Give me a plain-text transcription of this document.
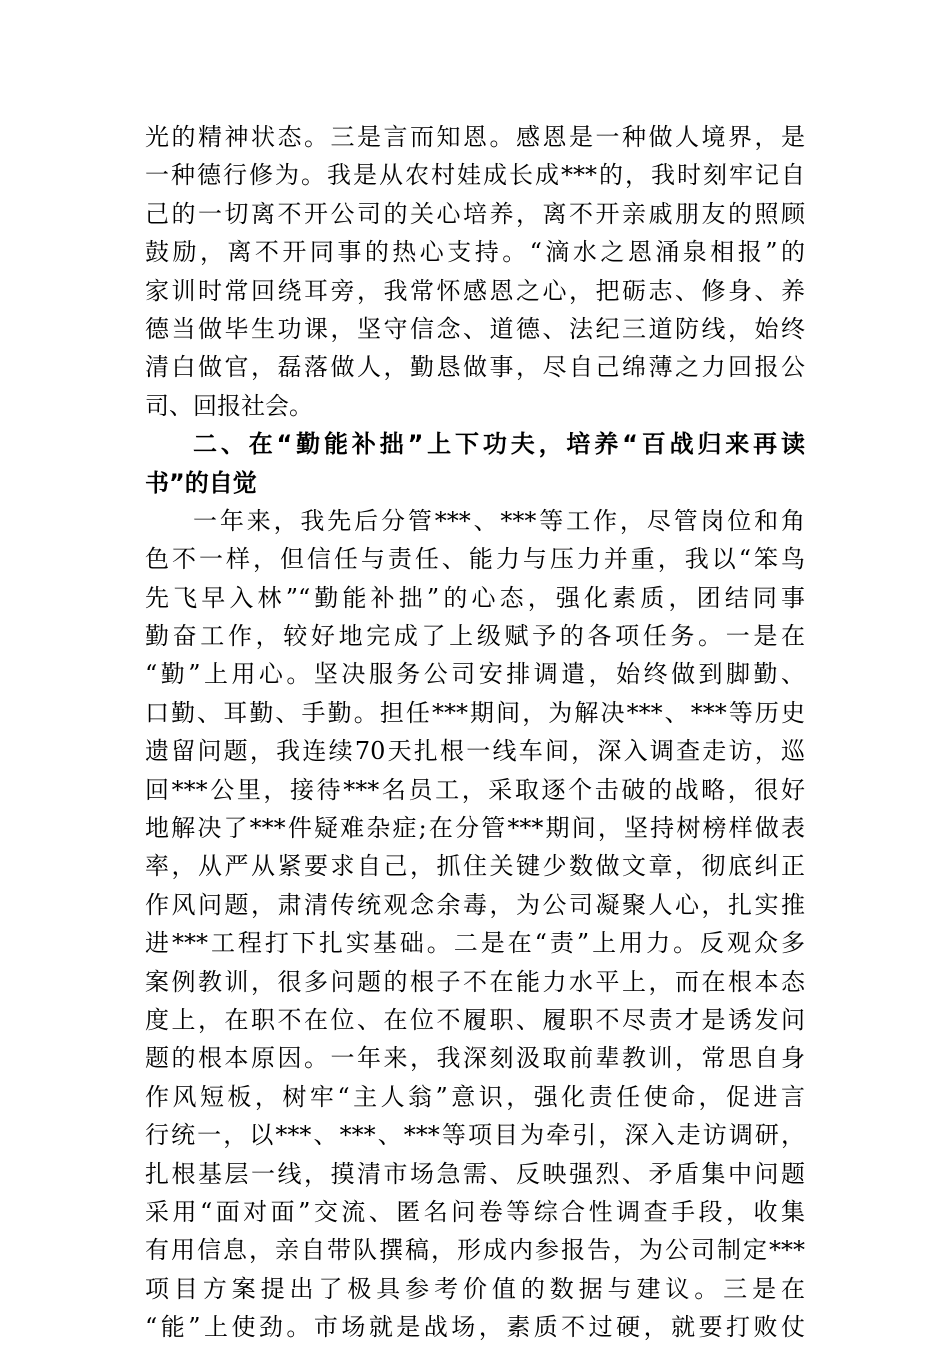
光的精神状态。三是言而知恩。感恩是一种做人境界，是
一种德行修为。我是从农村娃成长成***的，我时刻牢记自
己的一切离不开公司的关心培养，离不开亲戚朋友的照顾
鼓励，离不开同事的热心支持。“滴水之恩涌泉相报”的
家训时常回绕耳旁，我常怀感恩之心，把砺志、修身、养
德当做毕生功课，坚守信念、道德、法纪三道防线，始终
清白做官，磊落做人，勤恳做事，尽自己绵薄之力回报公
司、回报社会。
二、在“勤能补拙”上下功夫，培养“百战归来再读
书”的自觉
一年来，我先后分管***、***等工作，尽管岗位和角
色不一样，但信任与责任、能力与压力并重，我以“笨鸟
先飞早入林”“勤能补拙”的心态，强化素质，团结同事
勤奋工作，较好地完成了上级赋予的各项任务。一是在
“勤”上用心。坚决服务公司安排调遣，始终做到脚勤、
口勤、耳勤、手勤。担任***期间，为解决***、***等历史
遗留问题，我连续70天扎根一线车间，深入调查走访，巡
回***公里，接待***名员工，采取逐个击破的战略，很好
地解决了***件疑难杂症;在分管***期间，坚持树榜样做表
率，从严从紧要求自己，抓住关键少数做文章，彻底纠正
作风问题，肃清传统观念余毒，为公司凝聚人心，扎实推
进***工程打下扎实基础。二是在“责”上用力。反观众多
案例教训，很多问题的根子不在能力水平上，而在根本态
度上，在职不在位、在位不履职、履职不尽责才是诱发问
题的根本原因。一年来，我深刻汲取前辈教训，常思自身
作风短板，树牢“主人翁”意识，强化责任使命，促进言
行统一，以***、***、***等项目为牵引，深入走访调研，
扎根基层一线，摸清市场急需、反映强烈、矛盾集中问题
采用“面对面”交流、匿名问卷等综合性调查手段，收集
有用信息，亲自带队撰稿，形成内参报告，为公司制定***
项目方案提出了极具参考价值的数据与建议。三是在
“能”上使劲。市场就是战场，素质不过硬，就要打败仗
